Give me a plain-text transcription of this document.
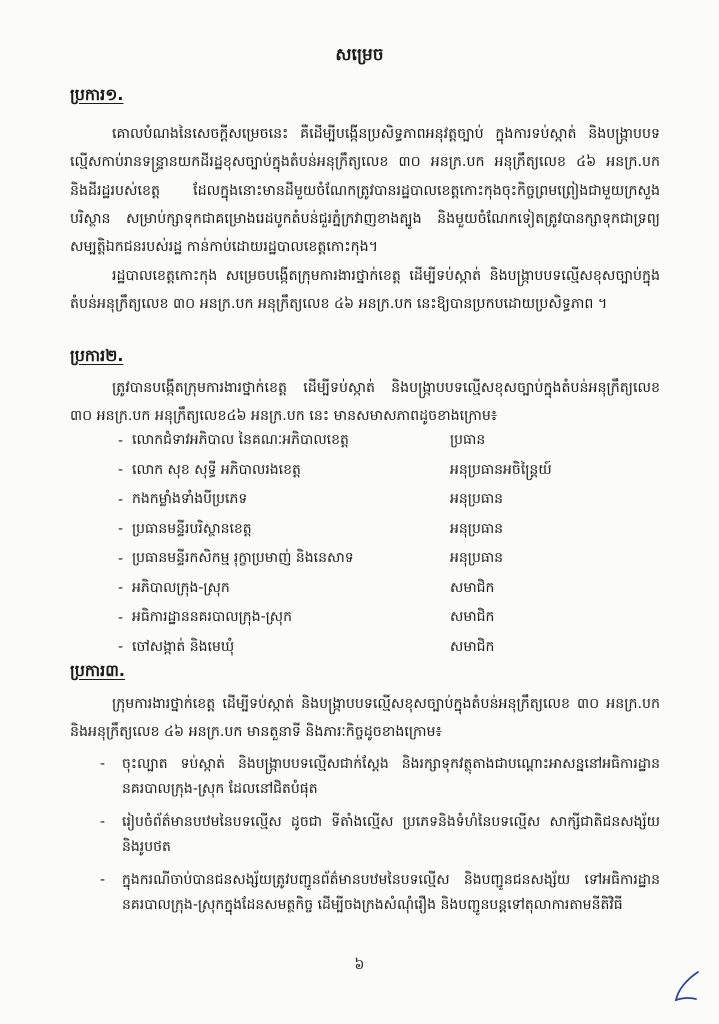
សម្រេច
ប្រការ១.

គោលបំណងនៃសេចក្តីសម្រេចនេះ គឺដើម្បីបង្កើនប្រសិទ្ធភាពអនុវត្តច្បាប់ ក្នុងការទប់ស្កាត់ និងបង្ក្រាបបទល្មើសកាប់រានទន្ទ្រានយកដីរដ្ឋខុសច្បាប់ក្នុងតំបន់អនុក្រឹត្យលេខ ៣០ អនក្រ.បក អនុក្រឹត្យលេខ ៤៦ អនក្រ.បក និងដីរដ្ឋរបស់ខេត្ត ដែលក្នុងនោះមានដីមួយចំណែកត្រូវបានរដ្ឋបាលខេត្តកោះកុងចុះកិច្ចព្រមព្រៀងជាមួយក្រសួងបរិស្ថាន សម្រាប់ក្សាទុកជាគម្រោងរេដបូកតំបន់ជួរភ្នំក្រវាញខាងត្បូង និងមួយចំណែកទៀតត្រូវបានក្សាទុកជាទ្រព្យសម្បត្តិឯកជនរបស់រដ្ឋ កាន់កាប់ដោយរដ្ឋបាលខេត្តកោះកុង។

រដ្ឋបាលខេត្តកោះកុង សម្រេចបង្កើតក្រុមការងារថ្នាក់ខេត្ត ដើម្បីទប់ស្កាត់ និងបង្ក្រាបបទល្មើសខុសច្បាប់ក្នុងតំបន់អនុក្រឹត្យលេខ ៣០ អនក្រ.បក អនុក្រឹត្យលេខ ៤៦ អនក្រ.បក នេះឱ្យបានប្រកបដោយប្រសិទ្ធភាព ។

ប្រការ២.

ត្រូវបានបង្កើតក្រុមការងារថ្នាក់ខេត្ត ដើម្បីទប់ស្កាត់ និងបង្ក្រាបបទល្មើសខុសច្បាប់ក្នុងតំបន់អនុក្រឹត្យលេខ ៣០ អនក្រ.បក អនុក្រឹត្យលេខ៤៦ អនក្រ.បក នេះ មានសមាសភាពដូចខាងក្រោម៖

- លោកជំទាវអភិបាល នៃគណៈអភិបាលខេត្ត	ប្រធាន
- លោក សុខ សុទ្ធី អភិបាលរងខេត្ត	អនុប្រធានអចិន្ត្រៃយ៍
- កងកម្លាំងទាំងបីប្រភេទ	អនុប្រធាន
- ប្រធានមន្ទីរបរិស្ថានខេត្ត	អនុប្រធាន
- ប្រធានមន្ទីរកសិកម្ម រុក្ខាប្រមាញ់ និងនេសាទ	អនុប្រធាន
- អភិបាលក្រុង-ស្រុក	សមាជិក
- អធិការដ្ឋាននគរបាលក្រុង-ស្រុក	សមាជិក
- ចៅសង្កាត់ និងមេឃុំ	សមាជិក
ប្រការ៣.

ក្រុមការងារថ្នាក់ខេត្ត ដើម្បីទប់ស្កាត់ និងបង្ក្រាបបទល្មើសខុសច្បាប់ក្នុងតំបន់អនុក្រឹត្យលេខ ៣០ អនក្រ.បក និងអនុក្រឹត្យលេខ ៤៦ អនក្រ.បក មានតួនាទី និងភារៈកិច្ចដូចខាងក្រោម៖

-	ចុះល្បាត ទប់ស្កាត់ និងបង្ក្រាបបទល្មើសជាក់ស្តែង និងរក្សាទុកវត្ថុតាងជាបណ្តោះអាសន្ននៅអធិការដ្ឋាននគរបាលក្រុង-ស្រុក ដែលនៅជិតបំផុត
-	រៀបចំព័ត៌មានបឋមនៃបទល្មើស ដូចជា ទីតាំងល្មើស ប្រភេទនិងទំហំនៃបទល្មើស សាក្សីជាតិជនសង្ស័យ និងរូបថត
-	ក្នុងករណីចាប់បានជនសង្ស័យត្រូវបញ្ជូនព័ត៌មានបឋមនៃបទល្មើស និងបញ្ជូនជនសង្ស័យ ទៅអធិការដ្ឋាននគរបាលក្រុង-ស្រុកក្នុងដែនសមត្ថកិច្ច ដើម្បីចងក្រងសំណុំរឿង និងបញ្ជូនបន្តទៅតុលាការតាមនីតិវិធី
៦
